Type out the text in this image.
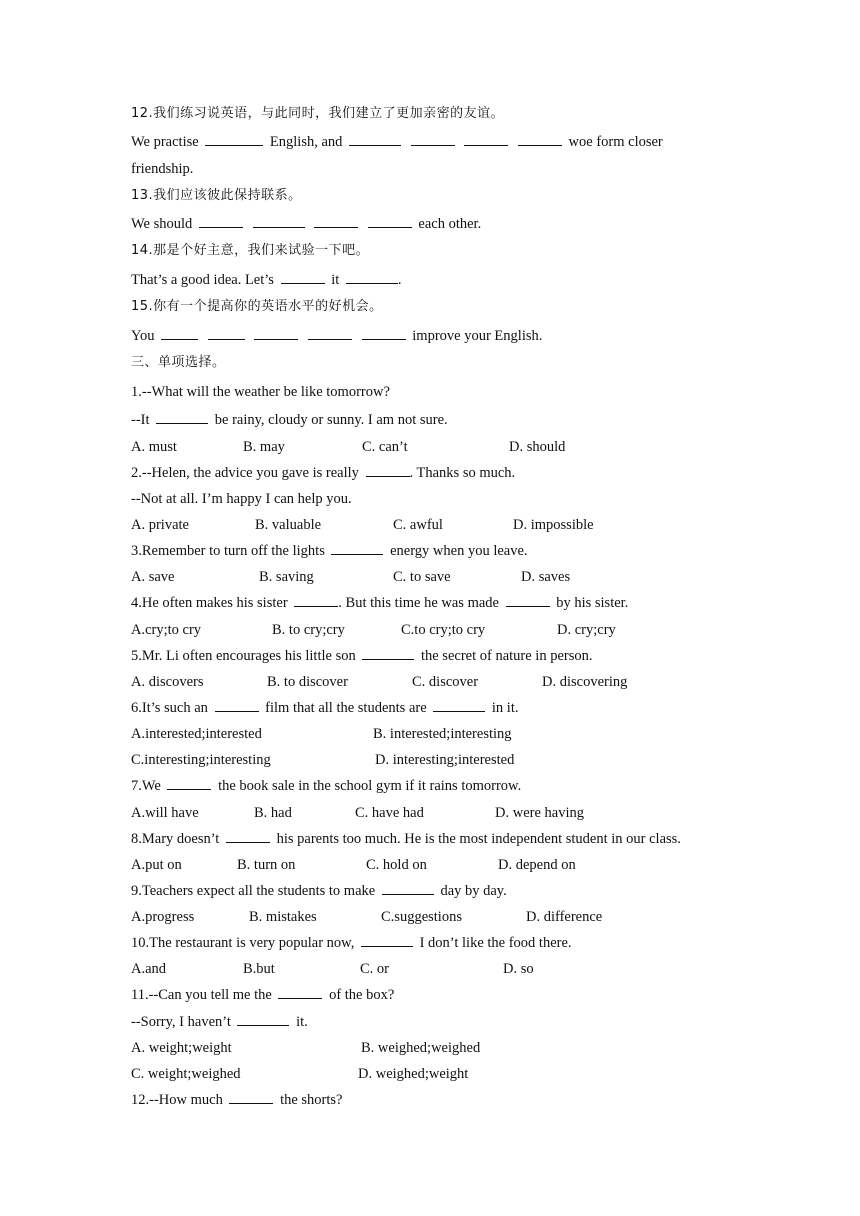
12.我们练习说英语，与此同时，我们建立了更加亲密的友谊。
We practise	English, and	woe form closer
friendship.
13.我们应该彼此保持联系。
We should	each other.
14.那是个好主意，我们来试验一下吧。
That’s a good idea. Let’s	it	.
15.你有一个提高你的英语水平的好机会。
You	improve your English.
三、单项选择。
1.--What will the weather be like tomorrow?
--It	be rainy, cloudy or sunny. I am not sure.
A. must	B. may	C. can’t	D. should
2.--Helen, the advice you gave is really	. Thanks so much.
--Not at all. I’m happy I can help you.
A. private	B. valuable	C. awful	D. impossible
3.Remember to turn off the lights	energy when you leave.
A. save	B. saving	C. to save	D. saves
4.He often makes his sister	. But this time he was made	by his sister.
A.cry;to cry	B. to cry;cry	C.to cry;to cry	D. cry;cry
5.Mr. Li often encourages his little son	the secret of nature in person.
A. discovers	B. to discover	C. discover	D. discovering
6.It’s such an	film that all the students are	in it.
A.interested;interested	B. interested;interesting
C.interesting;interesting	D. interesting;interested
7.We	the book sale in the school gym if it rains tomorrow.
A.will have	B. had	C. have had	D. were having
8.Mary doesn’t	his parents too much. He is the most independent student in our class.
A.put on	B. turn on	C. hold on	D. depend on
9.Teachers expect all the students to make	day by day.
A.progress	B. mistakes	C.suggestions	D. difference
10.The restaurant is very popular now,	I don’t like the food there.
A.and	B.but	C. or	D. so
11.--Can you tell me the	of the box?
--Sorry, I haven’t	it.
A. weight;weight	B. weighed;weighed
C. weight;weighed	D. weighed;weight
12.--How much	the shorts?
